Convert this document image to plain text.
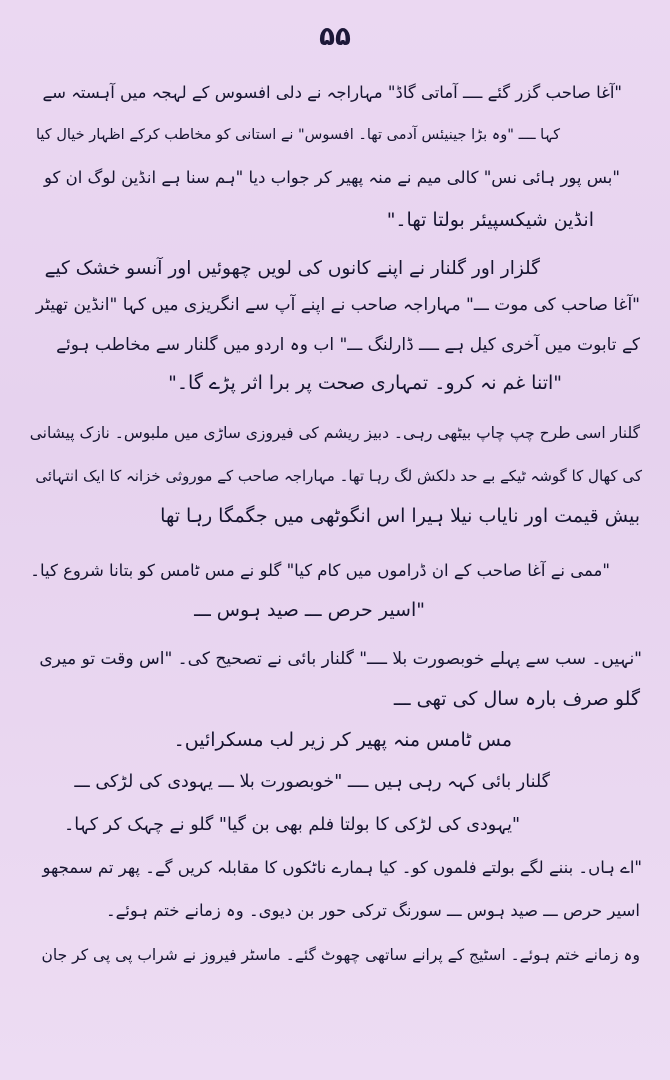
۵۵
"آغا صاحب گزر گئے ــــ آماتی گاڈ" مہاراجہ نے دلی افسوس کے لہجہ میں آہستہ سے
کہا ــــ "وہ بڑا جینیئس آدمی تھا۔ افسوس" نے استانی کو مخاطب کرکے اظہار خیال کیا
"بس پور ہائی نس" کالی میم نے منہ پھیر کر جواب دیا "ہم سنا ہے انڈین لوگ ان کو
انڈین شیکسپیئر بولتا تھا۔"
گلزار اور گلنار نے اپنے کانوں کی لویں چھوئیں اور آنسو خشک کیے
"آغا صاحب کی موت ـــ" مہاراجہ صاحب نے اپنے آپ سے انگریزی میں کہا "انڈین تھیٹر
کے تابوت میں آخری کیل ہے ــــ ڈارلنگ ـــ" اب وہ اردو میں گلنار سے مخاطب ہوئے
"اتنا غم نہ کرو۔ تمہاری صحت پر برا اثر پڑے گا۔"
گلنار اسی طرح چپ چاپ بیٹھی رہی۔ دبیز ریشم کی فیروزی ساڑی میں ملبوس۔ نازک پیشانی
کی کھال کا گوشہ ٹیکے بے حد دلکش لگ رہا تھا۔ مہاراجہ صاحب کے موروثی خزانہ کا ایک انتہائی
بیش قیمت اور نایاب نیلا ہیرا اس انگوٹھی میں جگمگا رہا تھا
"ممی نے آغا صاحب کے ان ڈراموں میں کام کیا" گلو نے مس ٹامس کو بتانا شروع کیا۔
"اسیر حرص ـــ صید ہوس ـــ
"نہیں۔ سب سے پہلے خوبصورت بلا ــــ" گلنار بائی نے تصحیح کی۔ "اس وقت تو میری
گلو صرف بارہ سال کی تھی ـــ
مس ٹامس منہ پھیر کر زیر لب مسکرائیں۔
گلنار بائی کہہ رہی ہیں ــــ "خوبصورت بلا ـــ یہودی کی لڑکی ـــ
"یہودی کی لڑکی کا بولتا فلم بھی بن گیا" گلو نے چہک کر کہا۔
"اے ہاں۔ بننے لگے بولتے فلموں کو۔ کیا ہمارے ناٹکوں کا مقابلہ کریں گے۔ پھر تم سمجھو
اسیر حرص ـــ صید ہوس ـــ سورنگ ترکی حور بن دیوی۔ وہ زمانے ختم ہوئے۔
وہ زمانے ختم ہوئے۔ اسٹیج کے پرانے ساتھی چھوٹ گئے۔ ماسٹر فیروز نے شراب پی پی کر جان
